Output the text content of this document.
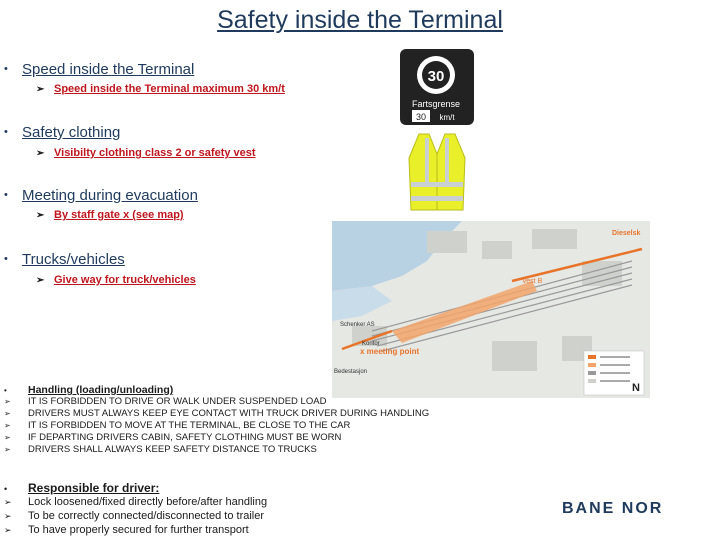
Safety inside the Terminal
• Speed inside the Terminal
➢ Speed inside the Terminal maximum 30 km/t
• Safety clothing
➢ Visibilty clothing class 2 or safety vest
• Meeting during evacuation
➢ By staff gate x (see map)
• Trucks/vehicles
➢ Give way for truck/vehicles
30
Fartsgrense
30 km/t
Dieselsk
Vest B
Schenker AS
Kontor
x meeting point
Bedestasjon
N
• Handling (loading/unloading)
➢ IT IS FORBIDDEN TO DRIVE OR WALK UNDER SUSPENDED LOAD
➢ DRIVERS MUST ALWAYS KEEP EYE CONTACT WITH TRUCK DRIVER DURING HANDLING
➢ IT IS FORBIDDEN TO MOVE AT THE TERMINAL, BE CLOSE TO THE CAR
➢ IF DEPARTING DRIVERS CABIN, SAFETY CLOTHING MUST BE WORN
➢ DRIVERS SHALL ALWAYS KEEP SAFETY DISTANCE TO TRUCKS
• Responsible for driver:
➢ Lock loosened/fixed directly before/after handling
➢ To be correctly connected/disconnected to trailer
➢ To have properly secured for further transport
BANE NOR
